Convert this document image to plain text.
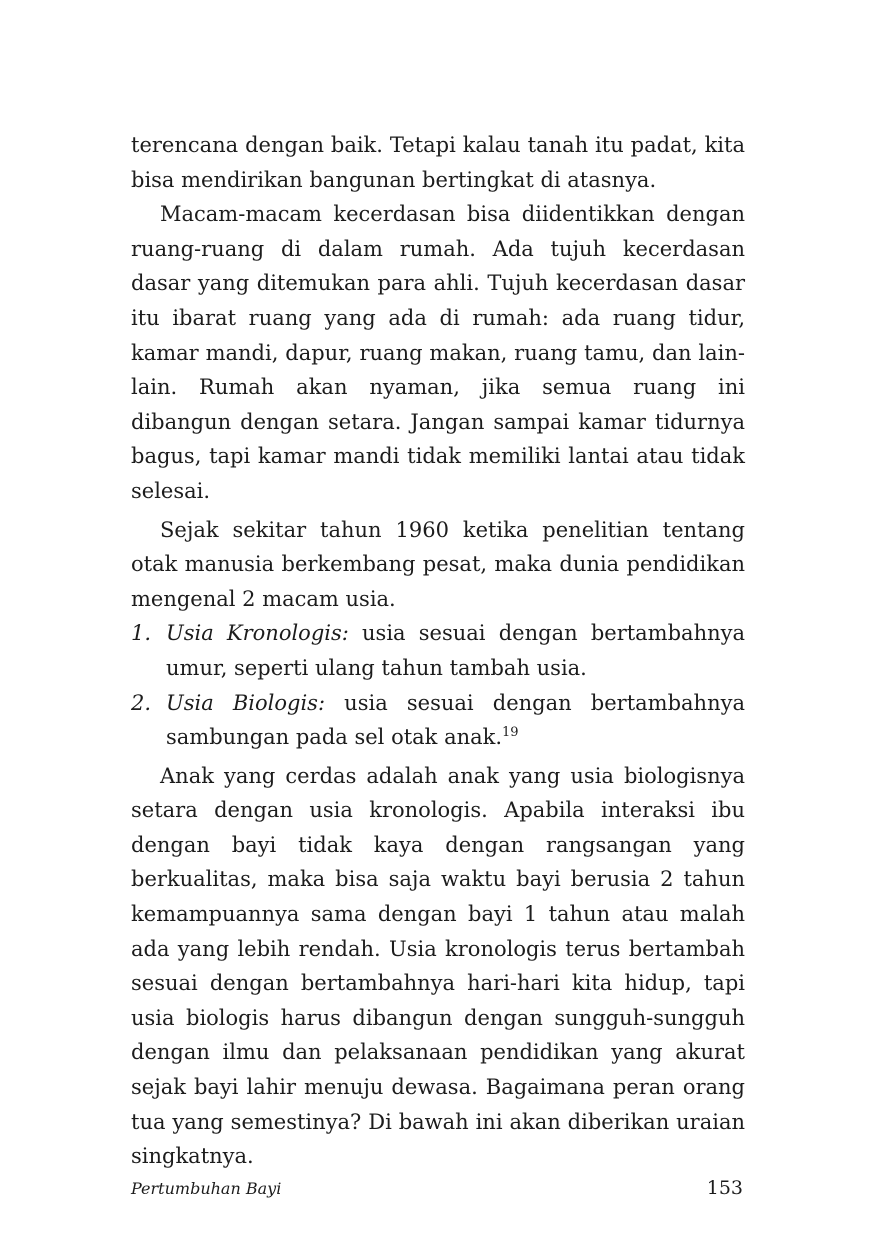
terencana dengan baik. Tetapi kalau tanah itu padat, kita bisa mendirikan bangunan bertingkat di atasnya.

Macam-macam kecerdasan bisa diidentikkan dengan ruang-ruang di dalam rumah. Ada tujuh kecerdasan dasar yang ditemukan para ahli. Tujuh kecerdasan dasar itu ibarat ruang yang ada di rumah: ada ruang tidur, kamar mandi, dapur, ruang makan, ruang tamu, dan lain-lain. Rumah akan nyaman, jika semua ruang ini dibangun dengan setara. Jangan sampai kamar tidurnya bagus, tapi kamar mandi tidak memiliki lantai atau tidak selesai.

Sejak sekitar tahun 1960 ketika penelitian tentang otak manusia berkembang pesat, maka dunia pendidikan mengenal 2 macam usia.

1. Usia Kronologis: usia sesuai dengan bertambahnya umur, seperti ulang tahun tambah usia.
2. Usia Biologis: usia sesuai dengan bertambahnya sambungan pada sel otak anak.$^{19}$

Anak yang cerdas adalah anak yang usia biologisnya setara dengan usia kronologis. Apabila interaksi ibu dengan bayi tidak kaya dengan rangsangan yang berkualitas, maka bisa saja waktu bayi berusia 2 tahun kemampuannya sama dengan bayi 1 tahun atau malah ada yang lebih rendah. Usia kronologis terus bertambah sesuai dengan bertambahnya hari-hari kita hidup, tapi usia biologis harus dibangun dengan sungguh-sungguh dengan ilmu dan pelaksanaan pendidikan yang akurat sejak bayi lahir menuju dewasa. Bagaimana peran orang tua yang semestinya? Di bawah ini akan diberikan uraian singkatnya.

Pertumbuhan Bayi	153
